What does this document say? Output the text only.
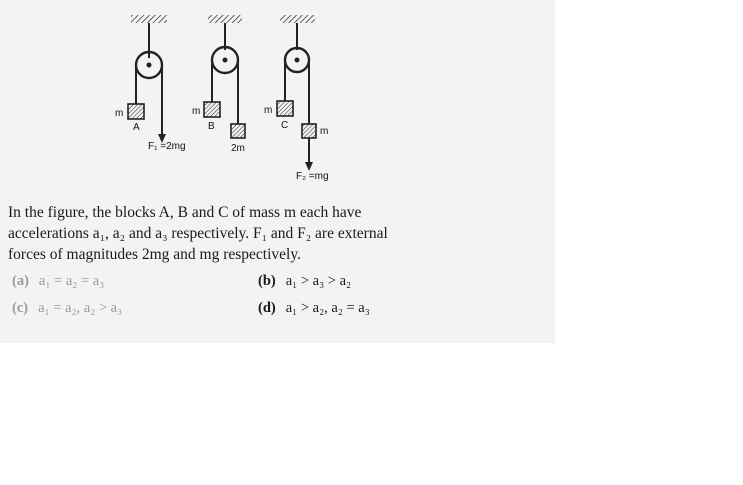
m
A
F₁ =2mg
m
B
2m
m
C
m
F₂ =mg
In the figure, the blocks A, B and C of mass m each have
accelerations a₁, a₂ and a₃ respectively. F₁ and F₂ are external
forces of magnitudes 2mg and mg respectively.
(a) a₁ = a₂ = a₃	(b) a₁ > a₃ > a₂
(c) a₁ = a₂, a₂ > a₃	(d) a₁ > a₂, a₂ = a₃
